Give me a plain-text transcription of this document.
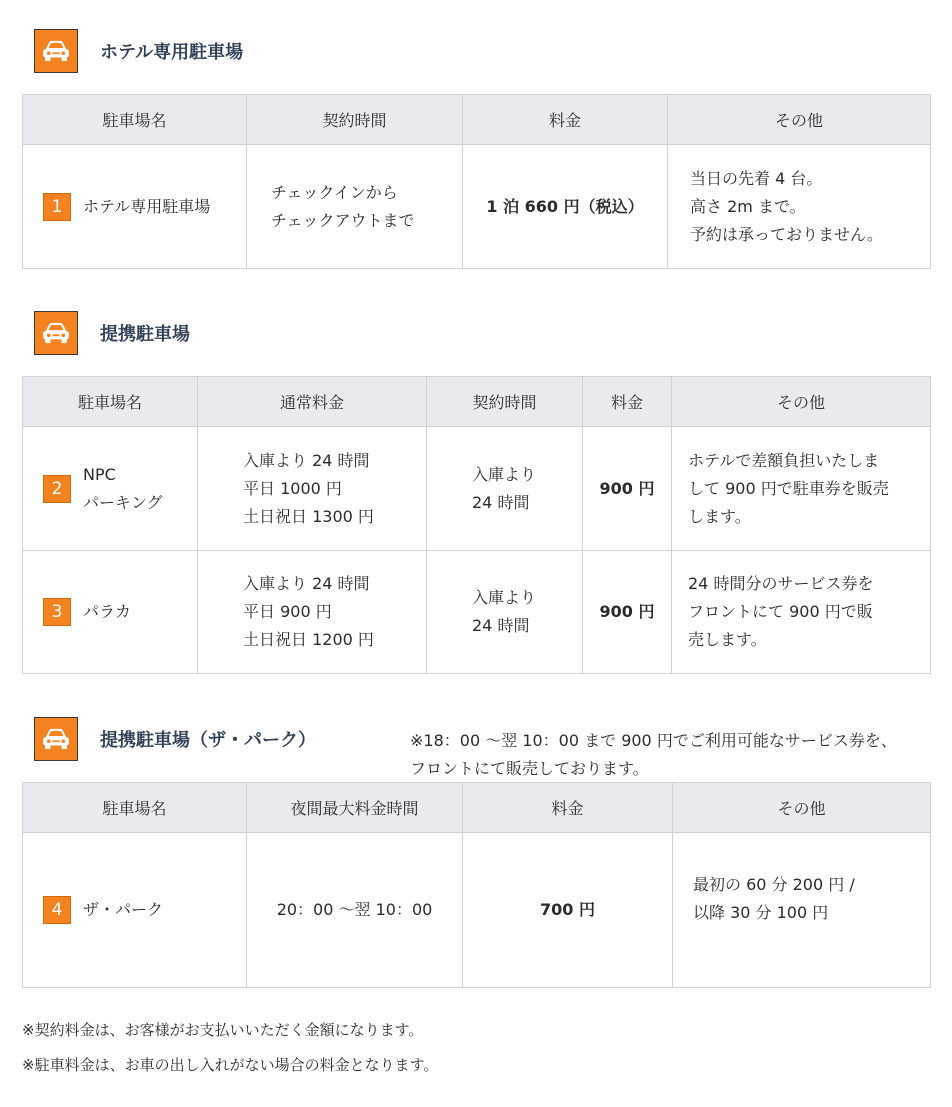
ホテル専用駐車場
駐車場名	契約時間	料金	その他

1 ホテル専用駐車場	チェックインから
チェックアウトまで	1 泊 660 円（税込）	当日の先着 4 台。
高さ 2m まで。
予約は承っておりません。
提携駐車場
駐車場名	通常料金	契約時間	料金	その他

2
NPC
パーキング	入庫より 24 時間
平日 1000 円
土日祝日 1300 円	入庫より
24 時間	900 円	ホテルで差額負担いたしま
して 900 円で駐車券を販売
します。

3 パラカ	入庫より 24 時間
平日 900 円
土日祝日 1200 円	入庫より
24 時間	900 円	24 時間分のサービス券を
フロントにて 900 円で販
売します。
提携駐車場（ザ・パーク）	※18：00 ～翌 10：00 まで 900 円でご利用可能なサービス券を、
フロントにて販売しております。
駐車場名	夜間最大料金時間	料金	その他

4 ザ・パーク	20：00 ～翌 10：00	700 円	最初の 60 分 200 円 /
以降 30 分 100 円
※契約料金は、お客様がお支払いいただく金額になります。
※駐車料金は、お車の出し入れがない場合の料金となります。
